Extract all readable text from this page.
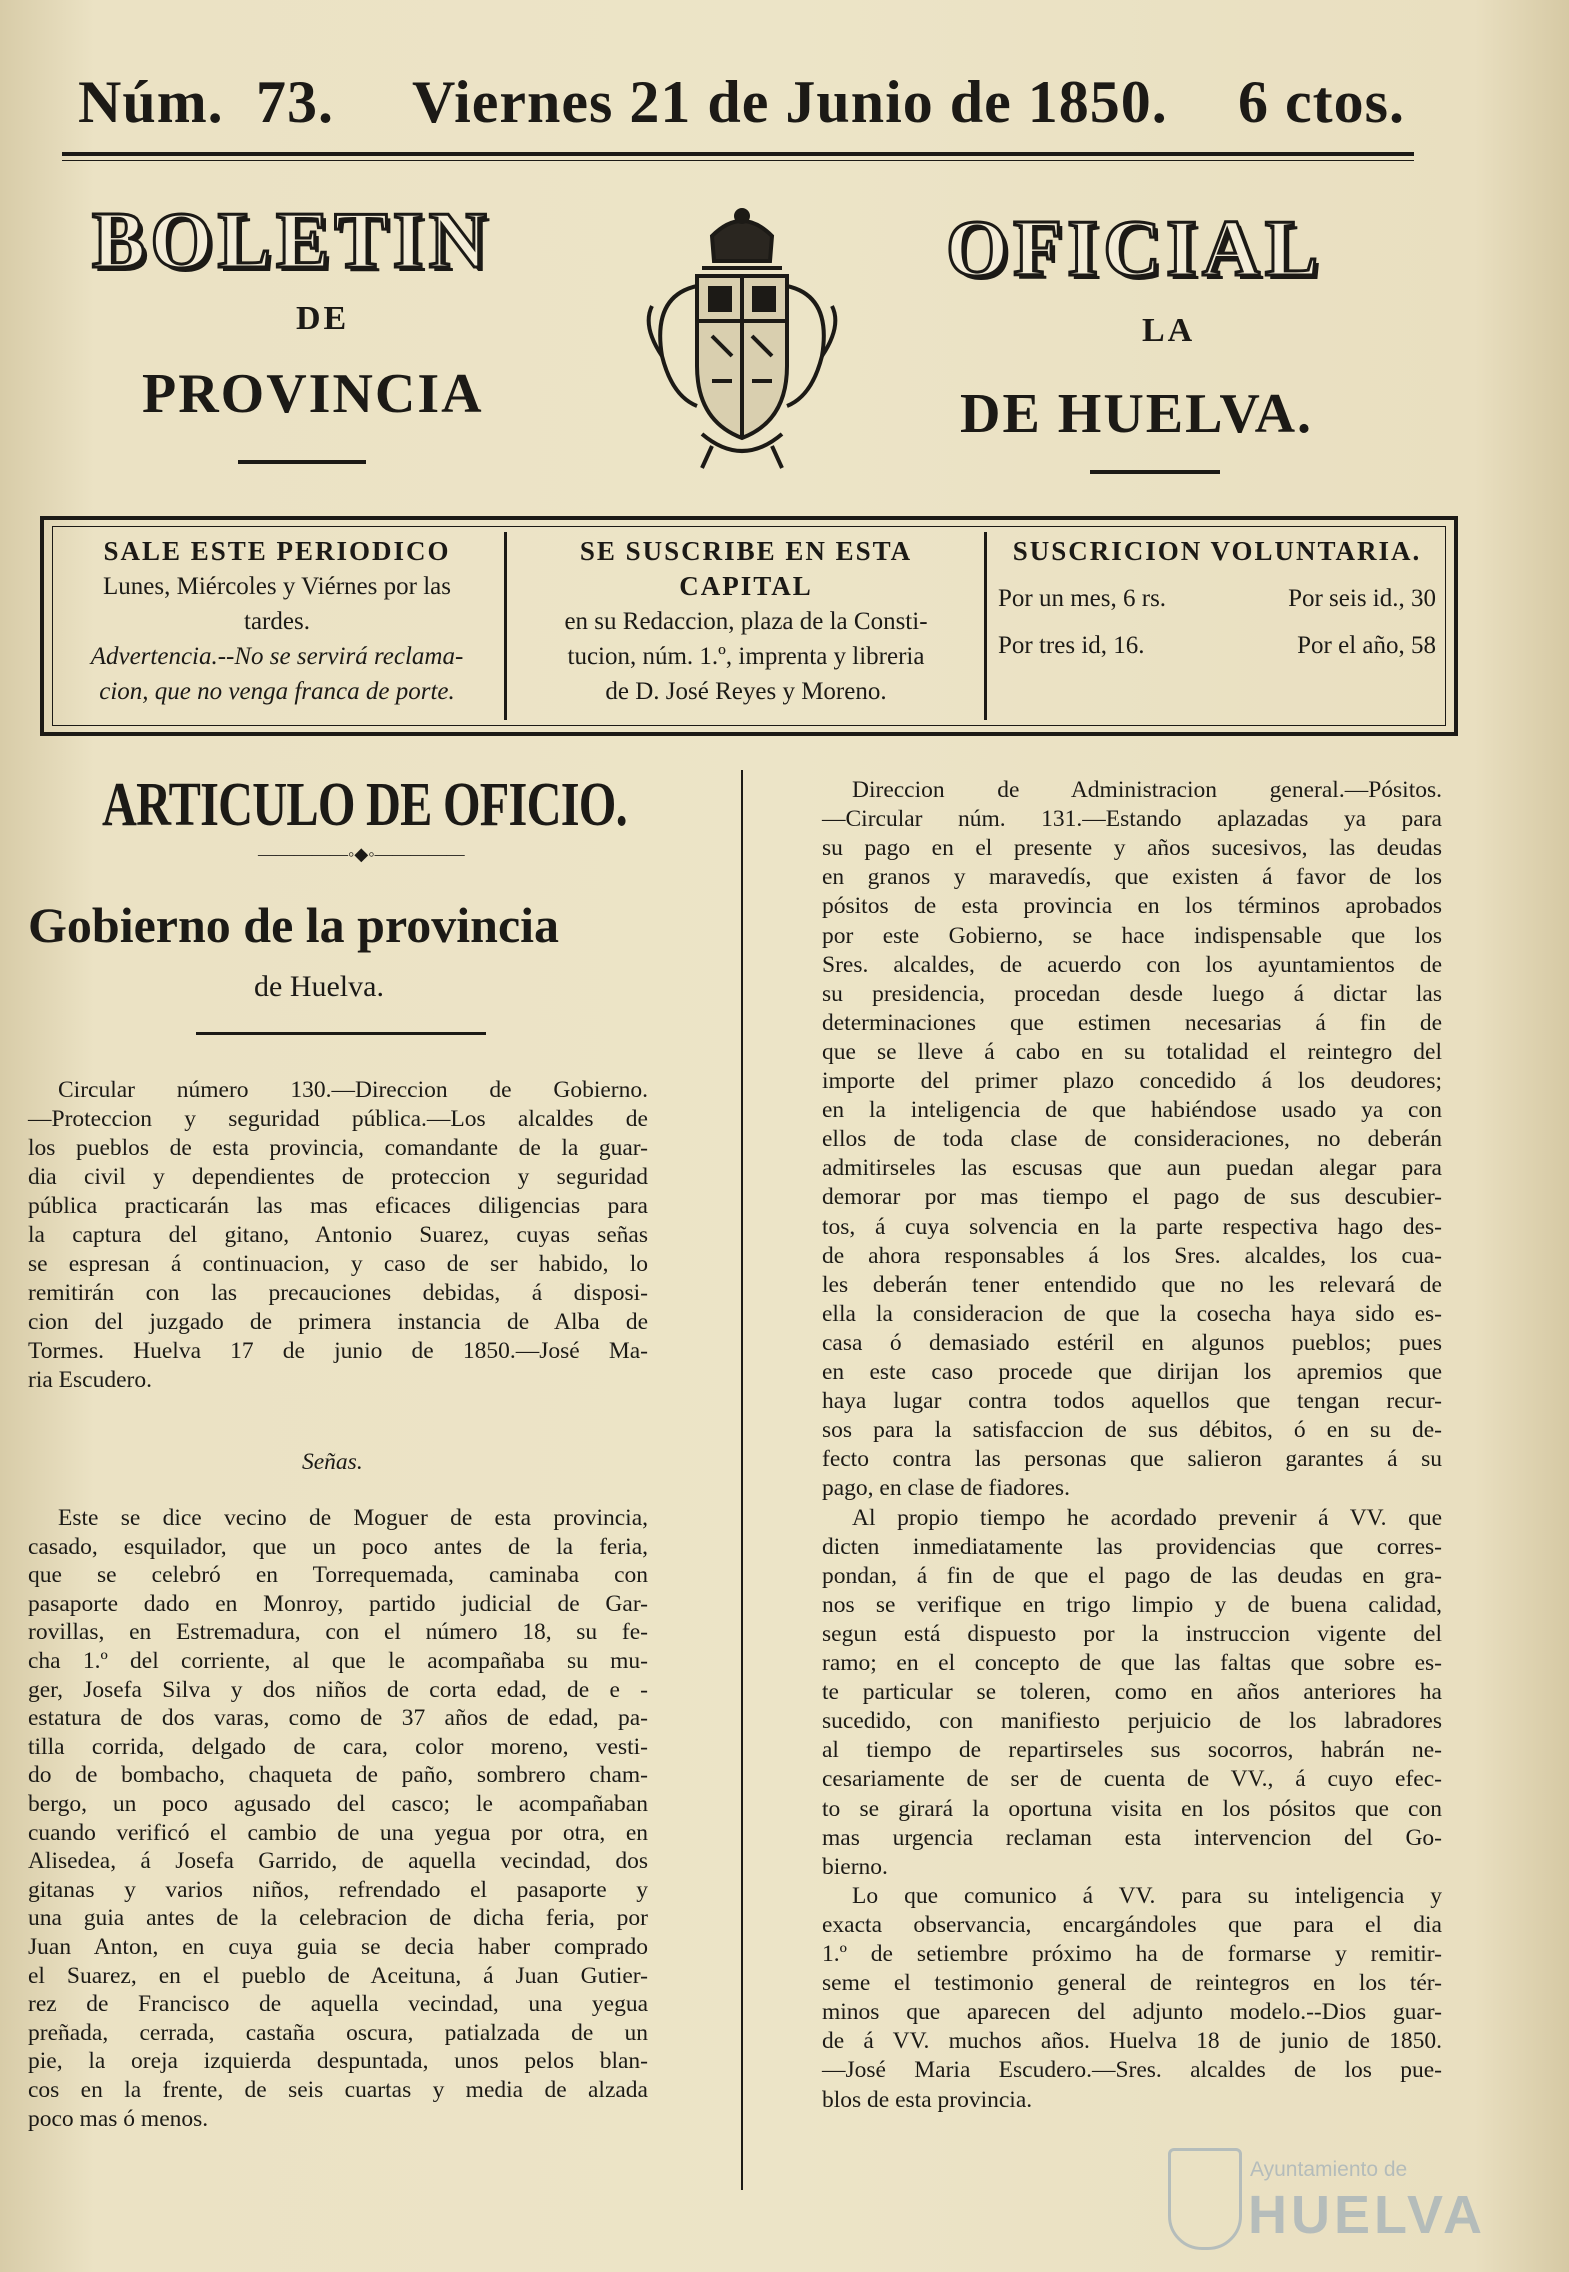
Núm. 73. Viernes 21 de Junio de 1850. 6 ctos.
BOLETIN	OFICIAL
DE	LA
PROVINCIA	DE HUELVA.
SALE ESTE PERIODICO
Lunes, Miércoles y Viérnes por las
tardes.
Advertencia.--No se servirá reclama-
cion, que no venga franca de porte.
SE SUSCRIBE EN ESTA CAPITAL
en su Redaccion, plaza de la Consti-
tucion, núm. 1.º, imprenta y libreria
de D. José Reyes y Moreno.
SUSCRICION VOLUNTARIA.
Por un mes, 6 rs.	Por seis id., 30
Por tres id, 16.	Por el año, 58
ARTICULO DE OFICIO.
—————◦◆◦—————
Gobierno de la provincia
de Huelva.
Circular número 130.—Direccion de Gobierno.
—Proteccion y seguridad pública.—Los alcaldes de
los pueblos de esta provincia, comandante de la guar-
dia civil y dependientes de proteccion y seguridad
pública practicarán las mas eficaces diligencias para
la captura del gitano, Antonio Suarez, cuyas señas
se espresan á continuacion, y caso de ser habido, lo
remitirán con las precauciones debidas, á disposi-
cion del juzgado de primera instancia de Alba de
Tormes. Huelva 17 de junio de 1850.—José Ma-
ria Escudero.
Señas.
Este se dice vecino de Moguer de esta provincia,
casado, esquilador, que un poco antes de la feria,
que se celebró en Torrequemada, caminaba con
pasaporte dado en Monroy, partido judicial de Gar-
rovillas, en Estremadura, con el número 18, su fe-
cha 1.º del corriente, al que le acompañaba su mu-
ger, Josefa Silva y dos niños de corta edad, de e -
estatura de dos varas, como de 37 años de edad, pa-
tilla corrida, delgado de cara, color moreno, vesti-
do de bombacho, chaqueta de paño, sombrero cham-
bergo, un poco agusado del casco; le acompañaban
cuando verificó el cambio de una yegua por otra, en
Alisedea, á Josefa Garrido, de aquella vecindad, dos
gitanas y varios niños, refrendado el pasaporte y
una guia antes de la celebracion de dicha feria, por
Juan Anton, en cuya guia se decia haber comprado
el Suarez, en el pueblo de Aceituna, á Juan Gutier-
rez de Francisco de aquella vecindad, una yegua
preñada, cerrada, castaña oscura, patialzada de un
pie, la oreja izquierda despuntada, unos pelos blan-
cos en la frente, de seis cuartas y media de alzada
poco mas ó menos.
Direccion de Administracion general.—Pósitos.
—Circular núm. 131.—Estando aplazadas ya para
su pago en el presente y años sucesivos, las deudas
en granos y maravedís, que existen á favor de los
pósitos de esta provincia en los términos aprobados
por este Gobierno, se hace indispensable que los
Sres. alcaldes, de acuerdo con los ayuntamientos de
su presidencia, procedan desde luego á dictar las
determinaciones que estimen necesarias á fin de
que se lleve á cabo en su totalidad el reintegro del
importe del primer plazo concedido á los deudores;
en la inteligencia de que habiéndose usado ya con
ellos de toda clase de consideraciones, no deberán
admitirseles las escusas que aun puedan alegar para
demorar por mas tiempo el pago de sus descubier-
tos, á cuya solvencia en la parte respectiva hago des-
de ahora responsables á los Sres. alcaldes, los cua-
les deberán tener entendido que no les relevará de
ella la consideracion de que la cosecha haya sido es-
casa ó demasiado estéril en algunos pueblos; pues
en este caso procede que dirijan los apremios que
haya lugar contra todos aquellos que tengan recur-
sos para la satisfaccion de sus débitos, ó en su de-
fecto contra las personas que salieron garantes á su
pago, en clase de fiadores.
Al propio tiempo he acordado prevenir á VV. que
dicten inmediatamente las providencias que corres-
pondan, á fin de que el pago de las deudas en gra-
nos se verifique en trigo limpio y de buena calidad,
segun está dispuesto por la instruccion vigente del
ramo; en el concepto de que las faltas que sobre es-
te particular se toleren, como en años anteriores ha
sucedido, con manifiesto perjuicio de los labradores
al tiempo de repartirseles sus socorros, habrán ne-
cesariamente de ser de cuenta de VV., á cuyo efec-
to se girará la oportuna visita en los pósitos que con
mas urgencia reclaman esta intervencion del Go-
bierno.
Lo que comunico á VV. para su inteligencia y
exacta observancia, encargándoles que para el dia
1.º de setiembre próximo ha de formarse y remitir-
seme el testimonio general de reintegros en los tér-
minos que aparecen del adjunto modelo.--Dios guar-
de á VV. muchos años. Huelva 18 de junio de 1850.
—José Maria Escudero.—Sres. alcaldes de los pue-
blos de esta provincia.
Ayuntamiento de
HUELVA
